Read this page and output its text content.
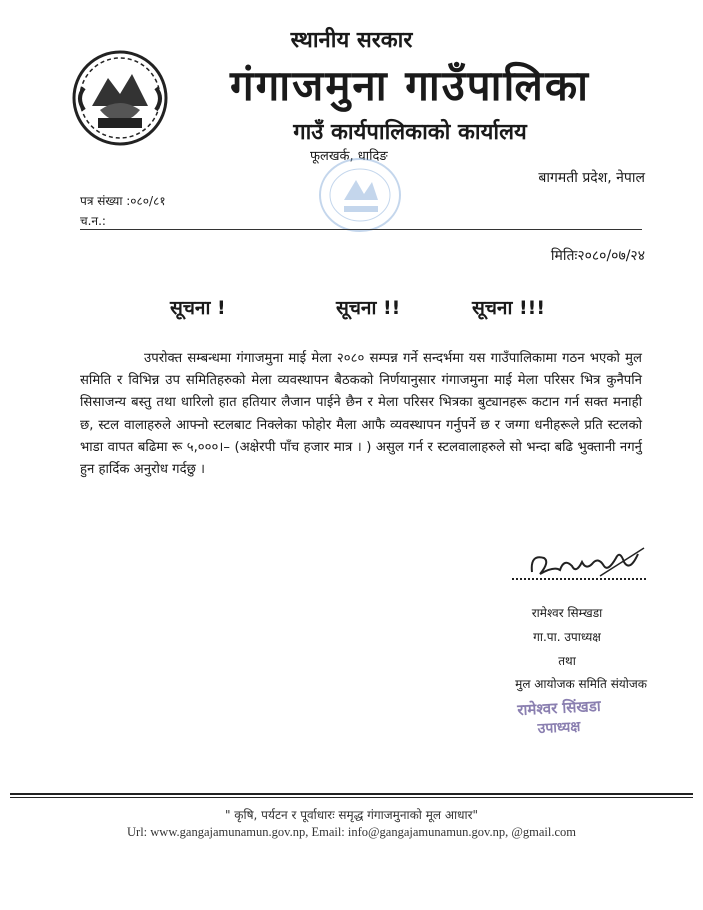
स्थानीय सरकार
गंगाजमुना गाउँपालिका
गाउँ कार्यपालिकाको कार्यालय
फूलखर्क, धादिङ
बागमती प्रदेश, नेपाल
पत्र संख्या :०८०/८१
च.न.:
मितिः२०८०/०७/२४
सूचना !	सूचना !!	सूचना !!!

उपरोक्त सम्बन्धमा गंगाजमुना माई मेला २०८० सम्पन्न गर्ने सन्दर्भमा यस गाउँपालिकामा गठन भएको मुल समिति र विभिन्न उप समितिहरुको मेला व्यवस्थापन बैठकको निर्णयानुसार गंगाजमुना माई मेला परिसर भित्र कुनैपनि सिसाजन्य बस्तु तथा धारिलो हात हतियार लैजान पाईने छैन र मेला परिसर भित्रका बुट्यानहरू कटान गर्न सक्त मनाही छ, स्टल वालाहरुले आफ्नो स्टलबाट निक्लेका फोहोर मैला आफै व्यवस्थापन गर्नुपर्ने छ र जग्गा धनीहरूले प्रति स्टलको भाडा वापत बढिमा रू ५,०००।– (अक्षेरपी पाँच हजार मात्र । ) असुल गर्न र स्टलवालाहरुले सो भन्दा बढि भुक्तानी नगर्नु हुन हार्दिक अनुरोध गर्दछु ।

रामेश्वर सिम्खडा
गा.पा. उपाध्यक्ष
तथा
मुल आयोजक समिति संयोजक
रामेश्वर सिंखडा
उपाध्यक्ष
" कृषि, पर्यटन र पूर्वाधारः समृद्ध गंगाजमुनाको मूल आधार"
Url: www.gangajamunamun.gov.np, Email: info@gangajamunamun.gov.np, @gmail.com
